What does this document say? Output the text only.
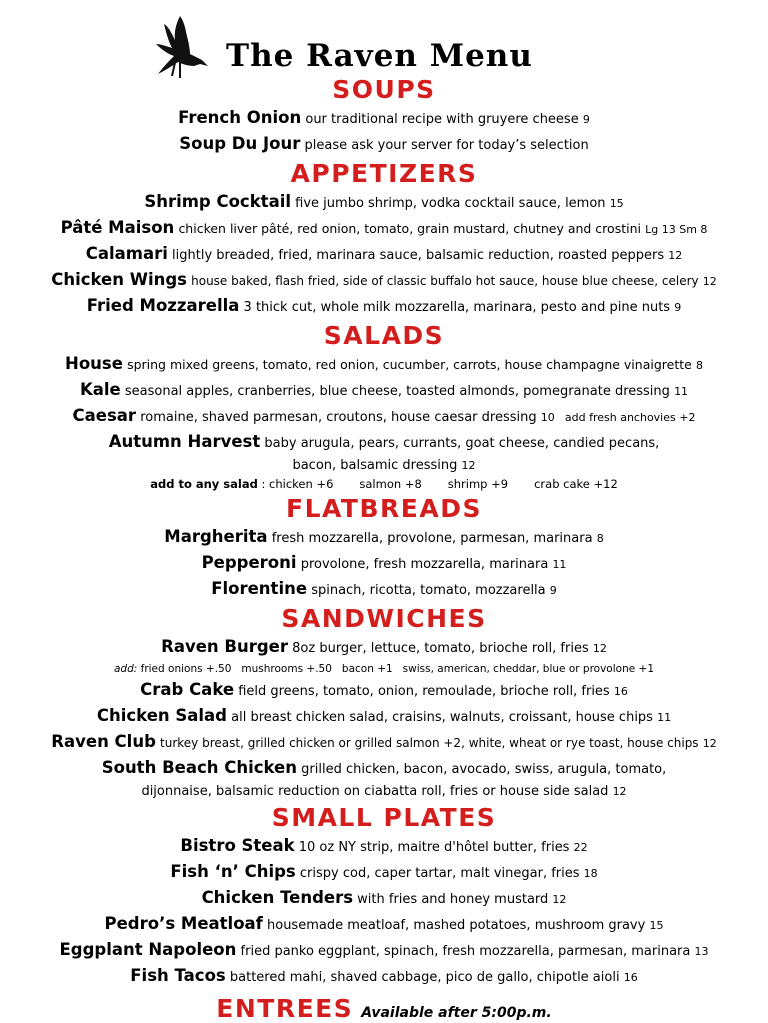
The Raven Menu
SOUPS
French Onion our traditional recipe with gruyere cheese 9
Soup Du Jour please ask your server for today’s selection
APPETIZERS
Shrimp Cocktail five jumbo shrimp, vodka cocktail sauce, lemon 15
Pâté Maison chicken liver pâté, red onion, tomato, grain mustard, chutney and crostini Lg 13 Sm 8
Calamari lightly breaded, fried, marinara sauce, balsamic reduction, roasted peppers 12
Chicken Wings house baked, flash fried, side of classic buffalo hot sauce, house blue cheese, celery 12
Fried Mozzarella 3 thick cut, whole milk mozzarella, marinara, pesto and pine nuts 9
SALADS
House spring mixed greens, tomato, red onion, cucumber, carrots, house champagne vinaigrette 8
Kale seasonal apples, cranberries, blue cheese, toasted almonds, pomegranate dressing 11
Caesar romaine, shaved parmesan, croutons, house caesar dressing 10 add fresh anchovies +2
Autumn Harvest baby arugula, pears, currants, goat cheese, candied pecans,
bacon, balsamic dressing 12
add to any salad : chicken +6 salmon +8 shrimp +9 crab cake +12
FLATBREADS
Margherita fresh mozzarella, provolone, parmesan, marinara 8
Pepperoni provolone, fresh mozzarella, marinara 11
Florentine spinach, ricotta, tomato, mozzarella 9
SANDWICHES
Raven Burger 8oz burger, lettuce, tomato, brioche roll, fries 12
add: fried onions +.50   mushrooms +.50   bacon +1   swiss, american, cheddar, blue or provolone +1
Crab Cake field greens, tomato, onion, remoulade, brioche roll, fries 16
Chicken Salad all breast chicken salad, craisins, walnuts, croissant, house chips 11
Raven Club turkey breast, grilled chicken or grilled salmon +2, white, wheat or rye toast, house chips 12
South Beach Chicken grilled chicken, bacon, avocado, swiss, arugula, tomato,
dijonnaise, balsamic reduction on ciabatta roll, fries or house side salad 12
SMALL PLATES
Bistro Steak 10 oz NY strip, maitre d'hôtel butter, fries 22
Fish ‘n’ Chips crispy cod, caper tartar, malt vinegar, fries 18
Chicken Tenders with fries and honey mustard 12
Pedro’s Meatloaf housemade meatloaf, mashed potatoes, mushroom gravy 15
Eggplant Napoleon fried panko eggplant, spinach, fresh mozzarella, parmesan, marinara 13
Fish Tacos battered mahi, shaved cabbage, pico de gallo, chipotle aioli 16
ENTREES Available after 5:00p.m.
